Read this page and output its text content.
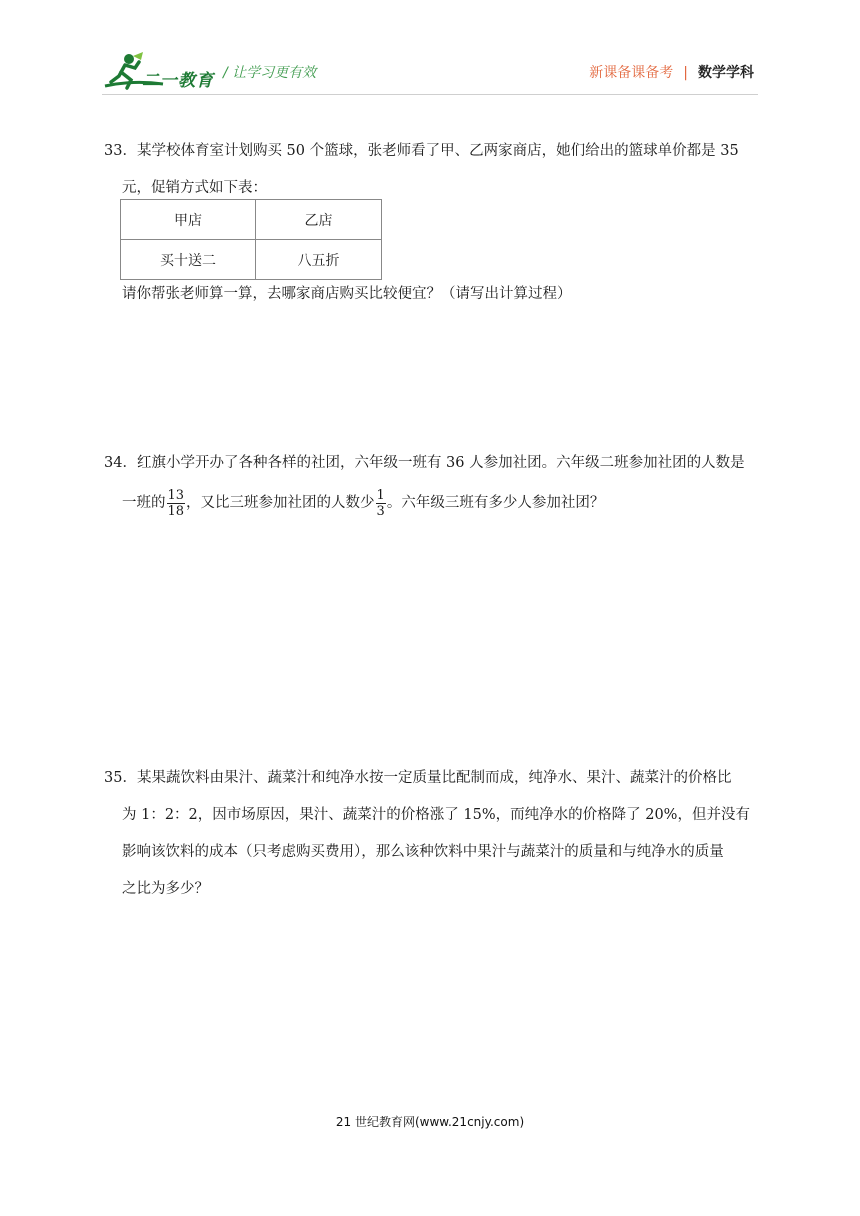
二一教育 / 让学习更有效	新课备课备考 | 数学学科

33．某学校体育室计划购买 50 个篮球，张老师看了甲、乙两家商店，她们给出的篮球单价都是 35

元，促销方式如下表：

甲店	乙店
买十送二	八五折

请你帮张老师算一算，去哪家商店购买比较便宜？（请写出计算过程）

34．红旗小学开办了各种各样的社团，六年级一班有 36 人参加社团。六年级二班参加社团的人数是

一班的 $\frac{13}{18}$ ，又比三班参加社团的人数少 $\frac{1}{3}$ 。六年级三班有多少人参加社团？

35．某果蔬饮料由果汁、蔬菜汁和纯净水按一定质量比配制而成，纯净水、果汁、蔬菜汁的价格比

为 1：2：2，因市场原因，果汁、蔬菜汁的价格涨了 15%，而纯净水的价格降了 20%，但并没有

影响该饮料的成本（只考虑购买费用），那么该种饮料中果汁与蔬菜汁的质量和与纯净水的质量

之比为多少？

21 世纪教育网(www.21cnjy.com)
